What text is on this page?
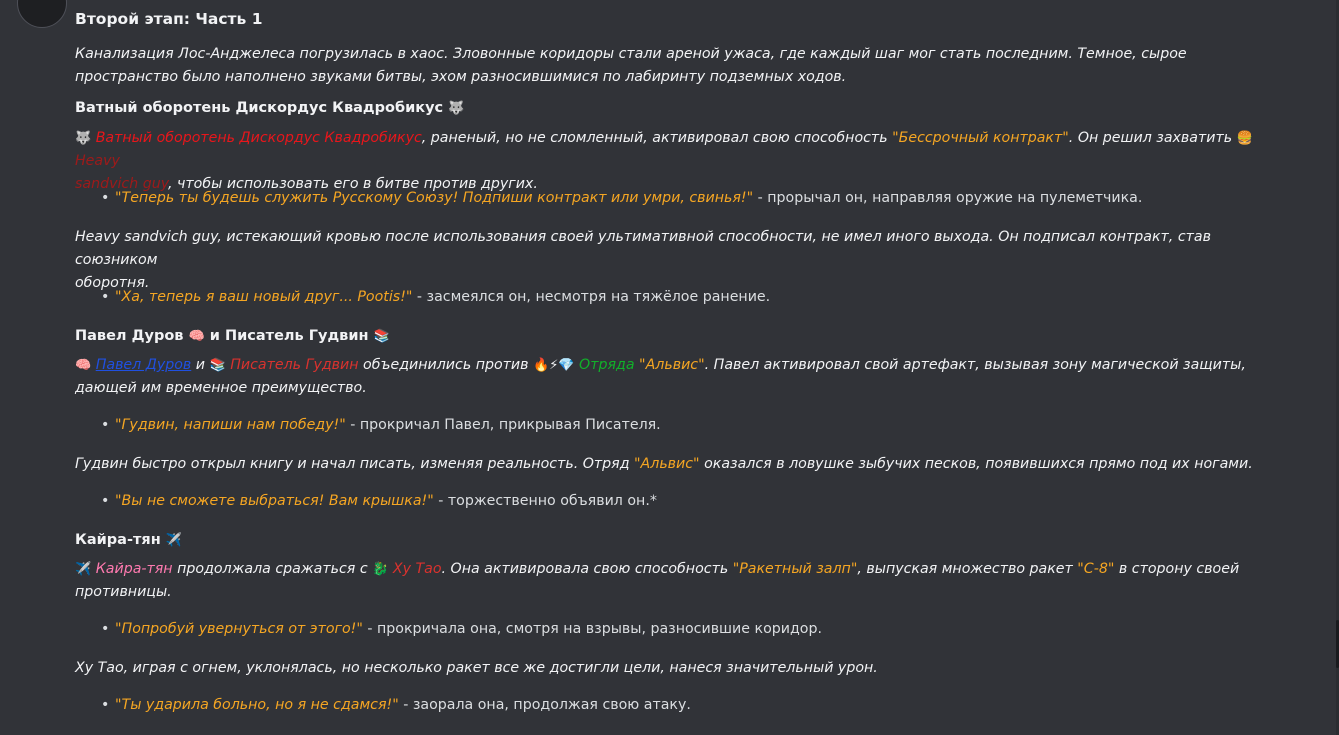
Второй этап: Часть 1
Канализация Лос-Анджелеса погрузилась в хаос. Зловонные коридоры стали ареной ужаса, где каждый шаг мог стать последним. Темное, сырое пространство было наполнено звуками битвы, эхом разносившимися по лабиринту подземных ходов.
Ватный оборотень Дискордус Квадробикус 🐺
🐺 Ватный оборотень Дискордус Квадробикус, раненый, но не сломленный, активировал свою способность "Бессрочный контракт". Он решил захватить 🍔 Heavy
sandvich guy, чтобы использовать его в битве против других.
• "Теперь ты будешь служить Русскому Союзу! Подпиши контракт или умри, свинья!" - прорычал он, направляя оружие на пулеметчика.
Heavy sandvich guy, истекающий кровью после использования своей ультимативной способности, не имел иного выхода. Он подписал контракт, став союзником
оборотня.
• "Ха, теперь я ваш новый друг... Pootis!" - засмеялся он, несмотря на тяжёлое ранение.
Павел Дуров 🧠 и Писатель Гудвин 📚
🧠 Павел Дуров и 📚 Писатель Гудвин объединились против 🔥⚡💎 Отряда "Альвис". Павел активировал свой артефакт, вызывая зону магической защиты,
дающей им временное преимущество.
• "Гудвин, напиши нам победу!" - прокричал Павел, прикрывая Писателя.
Гудвин быстро открыл книгу и начал писать, изменяя реальность. Отряд "Альвис" оказался в ловушке зыбучих песков, появившихся прямо под их ногами.
• "Вы не сможете выбраться! Вам крышка!" - торжественно объявил он.*
Кайра-тян ✈️
✈️ Кайра-тян продолжала сражаться с 🐉 Ху Тао. Она активировала свою способность "Ракетный залп", выпуская множество ракет "С-8" в сторону своей
противницы.
• "Попробуй увернуться от этого!" - прокричала она, смотря на взрывы, разносившие коридор.
Ху Тао, играя с огнем, уклонялась, но несколько ракет все же достигли цели, нанеся значительный урон.
• "Ты ударила больно, но я не сдамся!" - заорала она, продолжая свою атаку.
